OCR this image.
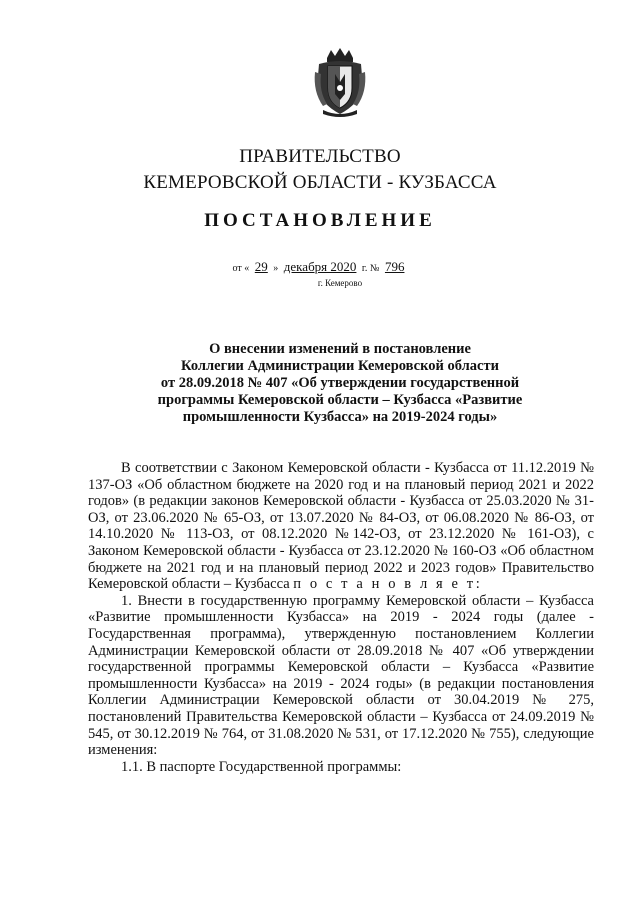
ПРАВИТЕЛЬСТВО
КЕМЕРОВСКОЙ ОБЛАСТИ - КУЗБАССА
ПОСТАНОВЛЕНИЕ
от « 29 » декабря 2020 г. № 796
г. Кемерово
О внесении изменений в постановление
Коллегии Администрации Кемеровской области
от 28.09.2018 № 407 «Об утверждении государственной
программы Кемеровской области – Кузбасса «Развитие
промышленности Кузбасса» на 2019-2024 годы»

В соответствии с Законом Кемеровской области - Кузбасса от 11.12.2019 № 137-ОЗ «Об областном бюджете на 2020 год и на плановый период 2021 и 2022 годов» (в редакции законов Кемеровской области - Кузбасса от 25.03.2020 № 31-ОЗ, от 23.06.2020 № 65-ОЗ, от 13.07.2020 № 84-ОЗ, от 06.08.2020 № 86-ОЗ, от 14.10.2020 № 113-ОЗ, от 08.12.2020 №142-ОЗ, от 23.12.2020 № 161-ОЗ), с Законом Кемеровской области - Кузбасса от 23.12.2020 № 160-ОЗ «Об областном бюджете на 2021 год и на плановый период 2022 и 2023 годов» Правительство Кемеровской области – Кузбасса п о с т а н о в л я е т:

1. Внести в государственную программу Кемеровской области – Кузбасса «Развитие промышленности Кузбасса» на 2019 - 2024 годы (далее - Государственная программа), утвержденную постановлением Коллегии Администрации Кемеровской области от 28.09.2018 № 407 «Об утверждении государственной программы Кемеровской области – Кузбасса «Развитие промышленности Кузбасса» на 2019 - 2024 годы» (в редакции постановления Коллегии Администрации Кемеровской области от 30.04.2019 № 275, постановлений Правительства Кемеровской области – Кузбасса от 24.09.2019 № 545, от 30.12.2019 № 764, от 31.08.2020 № 531, от 17.12.2020 № 755), следующие изменения:

1.1. В паспорте Государственной программы:
